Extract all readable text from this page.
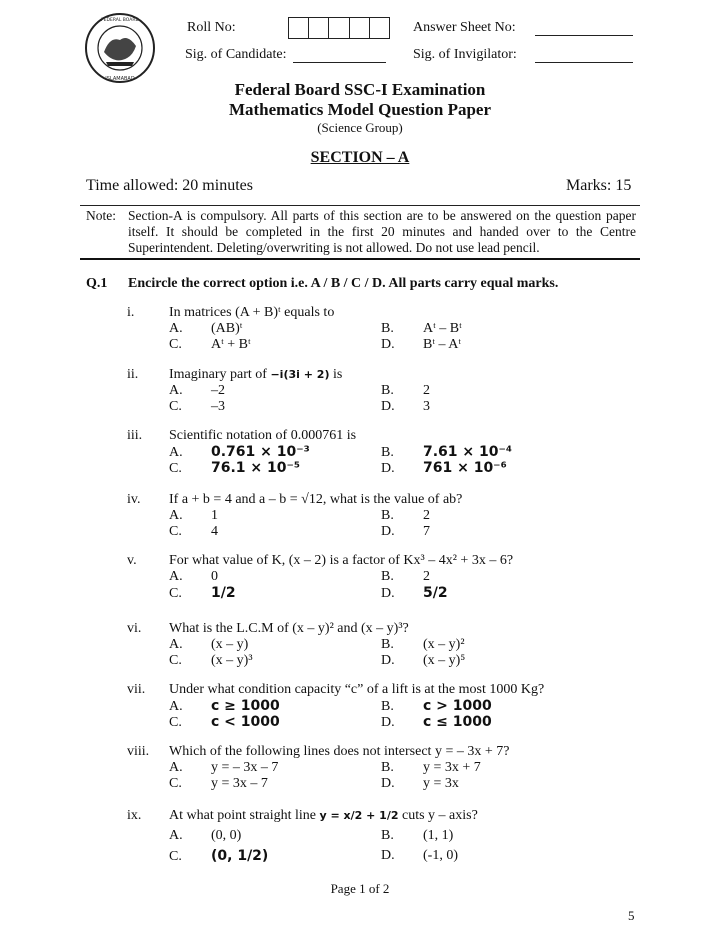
FEDERAL BOARD
ISLAMABAD
Roll No:	Answer Sheet No:
Sig. of Candidate:	Sig. of Invigilator:
Federal Board SSC-I Examination
Mathematics Model Question Paper
(Science Group)
SECTION – A
Time allowed: 20 minutes	Marks: 15
Note: Section-A is compulsory. All parts of this section are to be answered on the question paper itself. It should be completed in the first 20 minutes and handed over to the Centre Superintendent. Deleting/overwriting is not allowed. Do not use lead pencil.
Q.1 Encircle the correct option i.e. A / B / C / D. All parts carry equal marks.
i. In matrices (A + B)ᵗ equals to
A. (AB)ᵗ	B. Aᵗ – Bᵗ
C. Aᵗ + Bᵗ	D. Bᵗ – Aᵗ
ii. Imaginary part of −i(3i + 2) is
A. –2	B. 2
C. –3	D. 3
iii. Scientific notation of 0.000761 is
A. 0.761 × 10⁻³	B. 7.61 × 10⁻⁴
C. 76.1 × 10⁻⁵	D. 761 × 10⁻⁶
iv. If a + b = 4 and a – b = √12, what is the value of ab?
A. 1	B. 2
C. 4	D. 7
v. For what value of K, (x – 2) is a factor of Kx³ – 4x² + 3x – 6?
A. 0	B. 2
C. 1/2	D. 5/2
vi. What is the L.C.M of (x – y)² and (x – y)³?
A. (x – y)	B. (x – y)²
C. (x – y)³	D. (x – y)⁵
vii. Under what condition capacity “c” of a lift is at the most 1000 Kg?
A. c ≥ 1000	B. c > 1000
C. c < 1000	D. c ≤ 1000
viii. Which of the following lines does not intersect y = – 3x + 7?
A. y = – 3x – 7	B. y = 3x + 7
C. y = 3x – 7	D. y = 3x
ix. At what point straight line y = x/2 + 1/2 cuts y – axis?
A. (0, 0)	B. (1, 1)
C. (0, 1/2)	D. (-1, 0)
Page 1 of 2
5
